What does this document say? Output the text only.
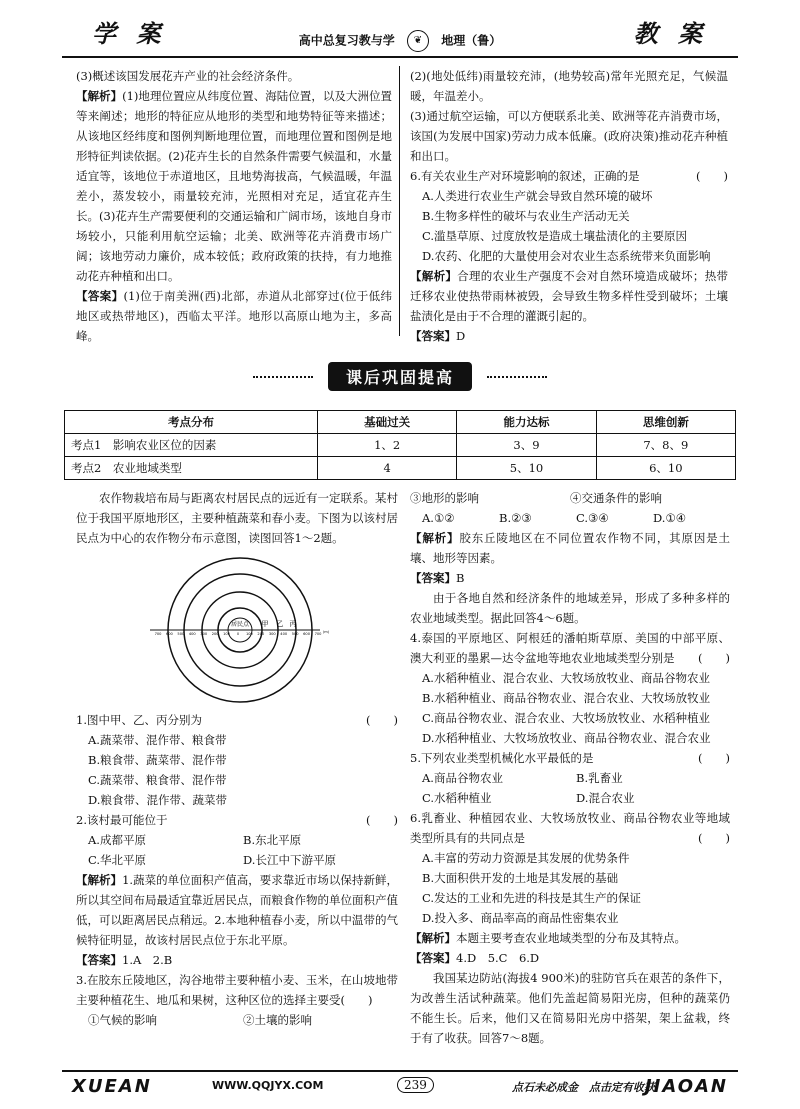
学 案	高中总复习教与学 ❦ 地理（鲁）	教 案

(3)概述该国发展花卉产业的社会经济条件。

【解析】(1)地理位置应从纬度位置、海陆位置，以及大洲位置等来阐述；地形的特征应从地形的类型和地势特征等来描述；从该地区经纬度和图例判断地理位置，而地理位置和图例是地形特征判读依据。(2)花卉生长的自然条件需要气候温和，水量适宜等，该地位于赤道地区，且地势海拔高，气候温暖，年温差小，蒸发较小，雨量较充沛，光照相对充足，适宜花卉生长。(3)花卉生产需要便利的交通运输和广阔市场，该地自身市场较小，只能利用航空运输；北美、欧洲等花卉消费市场广阔；该地劳动力廉价，成本较低；政府政策的扶持，有力地推动花卉种植和出口。

【答案】(1)位于南美洲(西)北部，赤道从北部穿过(位于低纬地区或热带地区)，西临太平洋。地形以高原山地为主，多高峰。

(2)(地处低纬)雨量较充沛，(地势较高)常年光照充足，气候温暖，年温差小。

(3)通过航空运输，可以方便联系北美、欧洲等花卉消费市场，该国(为发展中国家)劳动力成本低廉。(政府决策)推动花卉种植和出口。

6.有关农业生产对环境影响的叙述，正确的是	(　　)
A.人类进行农业生产就会导致自然环境的破坏
B.生物多样性的破坏与农业生产活动无关
C.滥垦草原、过度放牧是造成土壤盐渍化的主要原因
D.农药、化肥的大量使用会对农业生态系统带来负面影响

【解析】合理的农业生产强度不会对自然环境造成破坏；热带迁移农业使热带雨林被毁，会导致生物多样性受到破坏；土壤盐渍化是由于不合理的灌溉引起的。

【答案】D

课后巩固提高
考点分布	基础过关	能力达标	思维创新
考点1　影响农业区位的因素	1、2	3、9	7、8、9
考点2　农业地域类型	4	5、10	6、10

农作物栽培布局与距离农村居民点的远近有一定联系。某村位于我国平原地形区，主要种植蔬菜和春小麦。下图为以该村居民点为中心的农作物分布示意图，读图回答1～2题。

居民点 甲 乙 丙
700 600 500 400 300 200 100 0 100 200 300 400 500 600 700 (m)
1.图中甲、乙、丙分别为	(　　)
A.蔬菜带、混作带、粮食带
B.粮食带、蔬菜带、混作带
C.蔬菜带、粮食带、混作带
D.粮食带、混作带、蔬菜带
2.该村最可能位于	(　　)
A.成都平原	B.东北平原
C.华北平原	D.长江中下游平原

【解析】1.蔬菜的单位面积产值高，要求靠近市场以保持新鲜，所以其空间布局最适宜靠近居民点，而粮食作物的单位面积产值低，可以距离居民点稍远。2.本地种植春小麦，所以中温带的气候特征明显，故该村居民点位于东北平原。

【答案】1.A　2.B

3.在胶东丘陵地区，沟谷地带主要种植小麦、玉米，在山坡地带主要种植花生、地瓜和果树，这种区位的选择主要受(　　)

①气候的影响	②土壤的影响
③地形的影响	④交通条件的影响
A.①②	B.②③	C.③④	D.①④

【解析】胶东丘陵地区在不同位置农作物不同，其原因是土壤、地形等因素。

【答案】B

由于各地自然和经济条件的地域差异，形成了多种多样的农业地域类型。据此回答4～6题。

4.泰国的平原地区、阿根廷的潘帕斯草原、美国的中部平原、澳大利亚的墨累—达令盆地等地农业地域类型分别是 (　　)

A.水稻种植业、混合农业、大牧场放牧业、商品谷物农业
B.水稻种植业、商品谷物农业、混合农业、大牧场放牧业
C.商品谷物农业、混合农业、大牧场放牧业、水稻种植业
D.水稻种植业、大牧场放牧业、商品谷物农业、混合农业
5.下列农业类型机械化水平最低的是	(　　)
A.商品谷物农业	B.乳畜业
C.水稻种植业	D.混合农业

6.乳畜业、种植园农业、大牧场放牧业、商品谷物农业等地域类型所具有的共同点是	(　　)

A.丰富的劳动力资源是其发展的优势条件
B.大面积供开发的土地是其发展的基础
C.发达的工业和先进的科技是其生产的保证
D.投入多、商品率高的商品性密集农业

【解析】本题主要考查农业地域类型的分布及其特点。

【答案】4.D　5.C　6.D

我国某边防站(海拔4 900米)的驻防官兵在艰苦的条件下，为改善生活试种蔬菜。他们先盖起简易阳光房，但种的蔬菜仍不能生长。后来，他们又在简易阳光房中搭架，架上盆栽，终于有了收获。回答7～8题。

XUEAN	WWW.QQJYX.COM	239	点石未必成金　点击定有收获
JIAOAN
